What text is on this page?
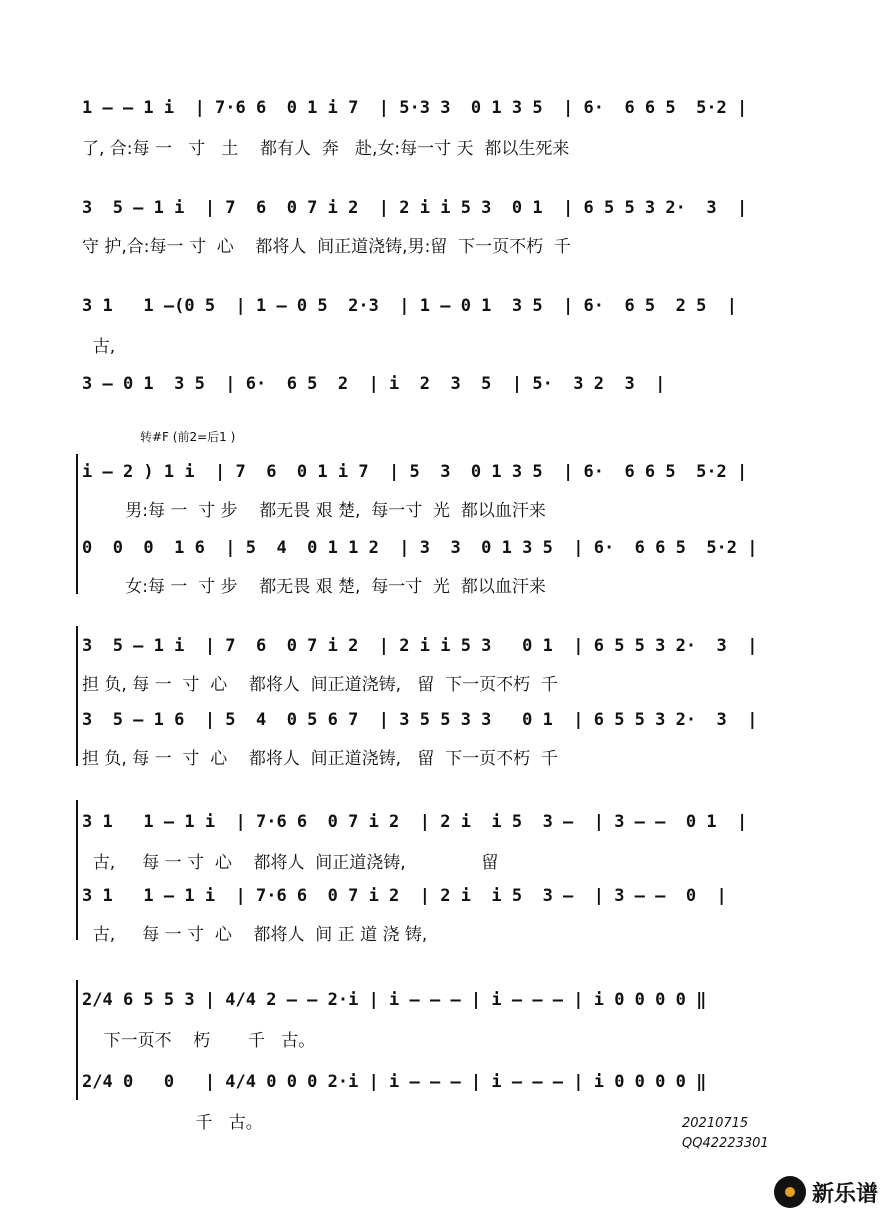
1 – – 1 i  | 7·6 6  0 1 i 7  | 5·3 3  0 1 3 5  | 6·  6 6 5  5·2 |
了, 合:每 一   寸   土    都有人  奔   赴,女:每一寸 天  都以生死来
3  5 – 1 i  | 7  6  0 7 i 2  | 2 i i 5 3  0 1  | 6 5 5 3 2·  3  |
守 护,合:每一 寸  心    都将人  间正道浇铸,男:留  下一页不朽  千
3 1   1 –(0 5  | 1 – 0 5  2·3  | 1 – 0 1  3 5  | 6·  6 5  2 5  |
古,
3 – 0 1  3 5  | 6·  6 5  2  | i  2  3  5  | 5·  3 2  3  |
转#F (前2=后1 )
i – 2 ) 1 i  | 7  6  0 1 i 7  | 5  3  0 1 3 5  | 6·  6 6 5  5·2 |
男:每 一  寸 步    都无畏 艰 楚,  每一寸  光  都以血汗来
0  0  0  1 6  | 5  4  0 1 1 2  | 3  3  0 1 3 5  | 6·  6 6 5  5·2 |
女:每 一  寸 步    都无畏 艰 楚,  每一寸  光  都以血汗来
3  5 – 1 i  | 7  6  0 7 i 2  | 2 i i 5 3   0 1  | 6 5 5 3 2·  3  |
担 负, 每 一  寸  心    都将人  间正道浇铸,   留  下一页不朽  千
3  5 – 1 6  | 5  4  0 5 6 7  | 3 5 5 3 3   0 1  | 6 5 5 3 2·  3  |
担 负, 每 一  寸  心    都将人  间正道浇铸,   留  下一页不朽  千
3 1   1 – 1 i  | 7·6 6  0 7 i 2  | 2 i  i 5  3 –  | 3 – –  0 1  |
古,     每 一 寸  心    都将人  间正道浇铸,              留
3 1   1 – 1 i  | 7·6 6  0 7 i 2  | 2 i  i 5  3 –  | 3 – –  0  |
古,     每 一 寸  心    都将人  间 正 道 浇 铸,
2/4 6 5 5 3 | 4/4 2 – – 2·i | i – – – | i – – – | i 0 0 0 0 ‖
下一页不    朽       千   古。
2/4 0   0   | 4/4 0 0 0 2·i | i – – – | i – – – | i 0 0 0 0 ‖
千   古。	20210715
QQ42223301
新乐谱
